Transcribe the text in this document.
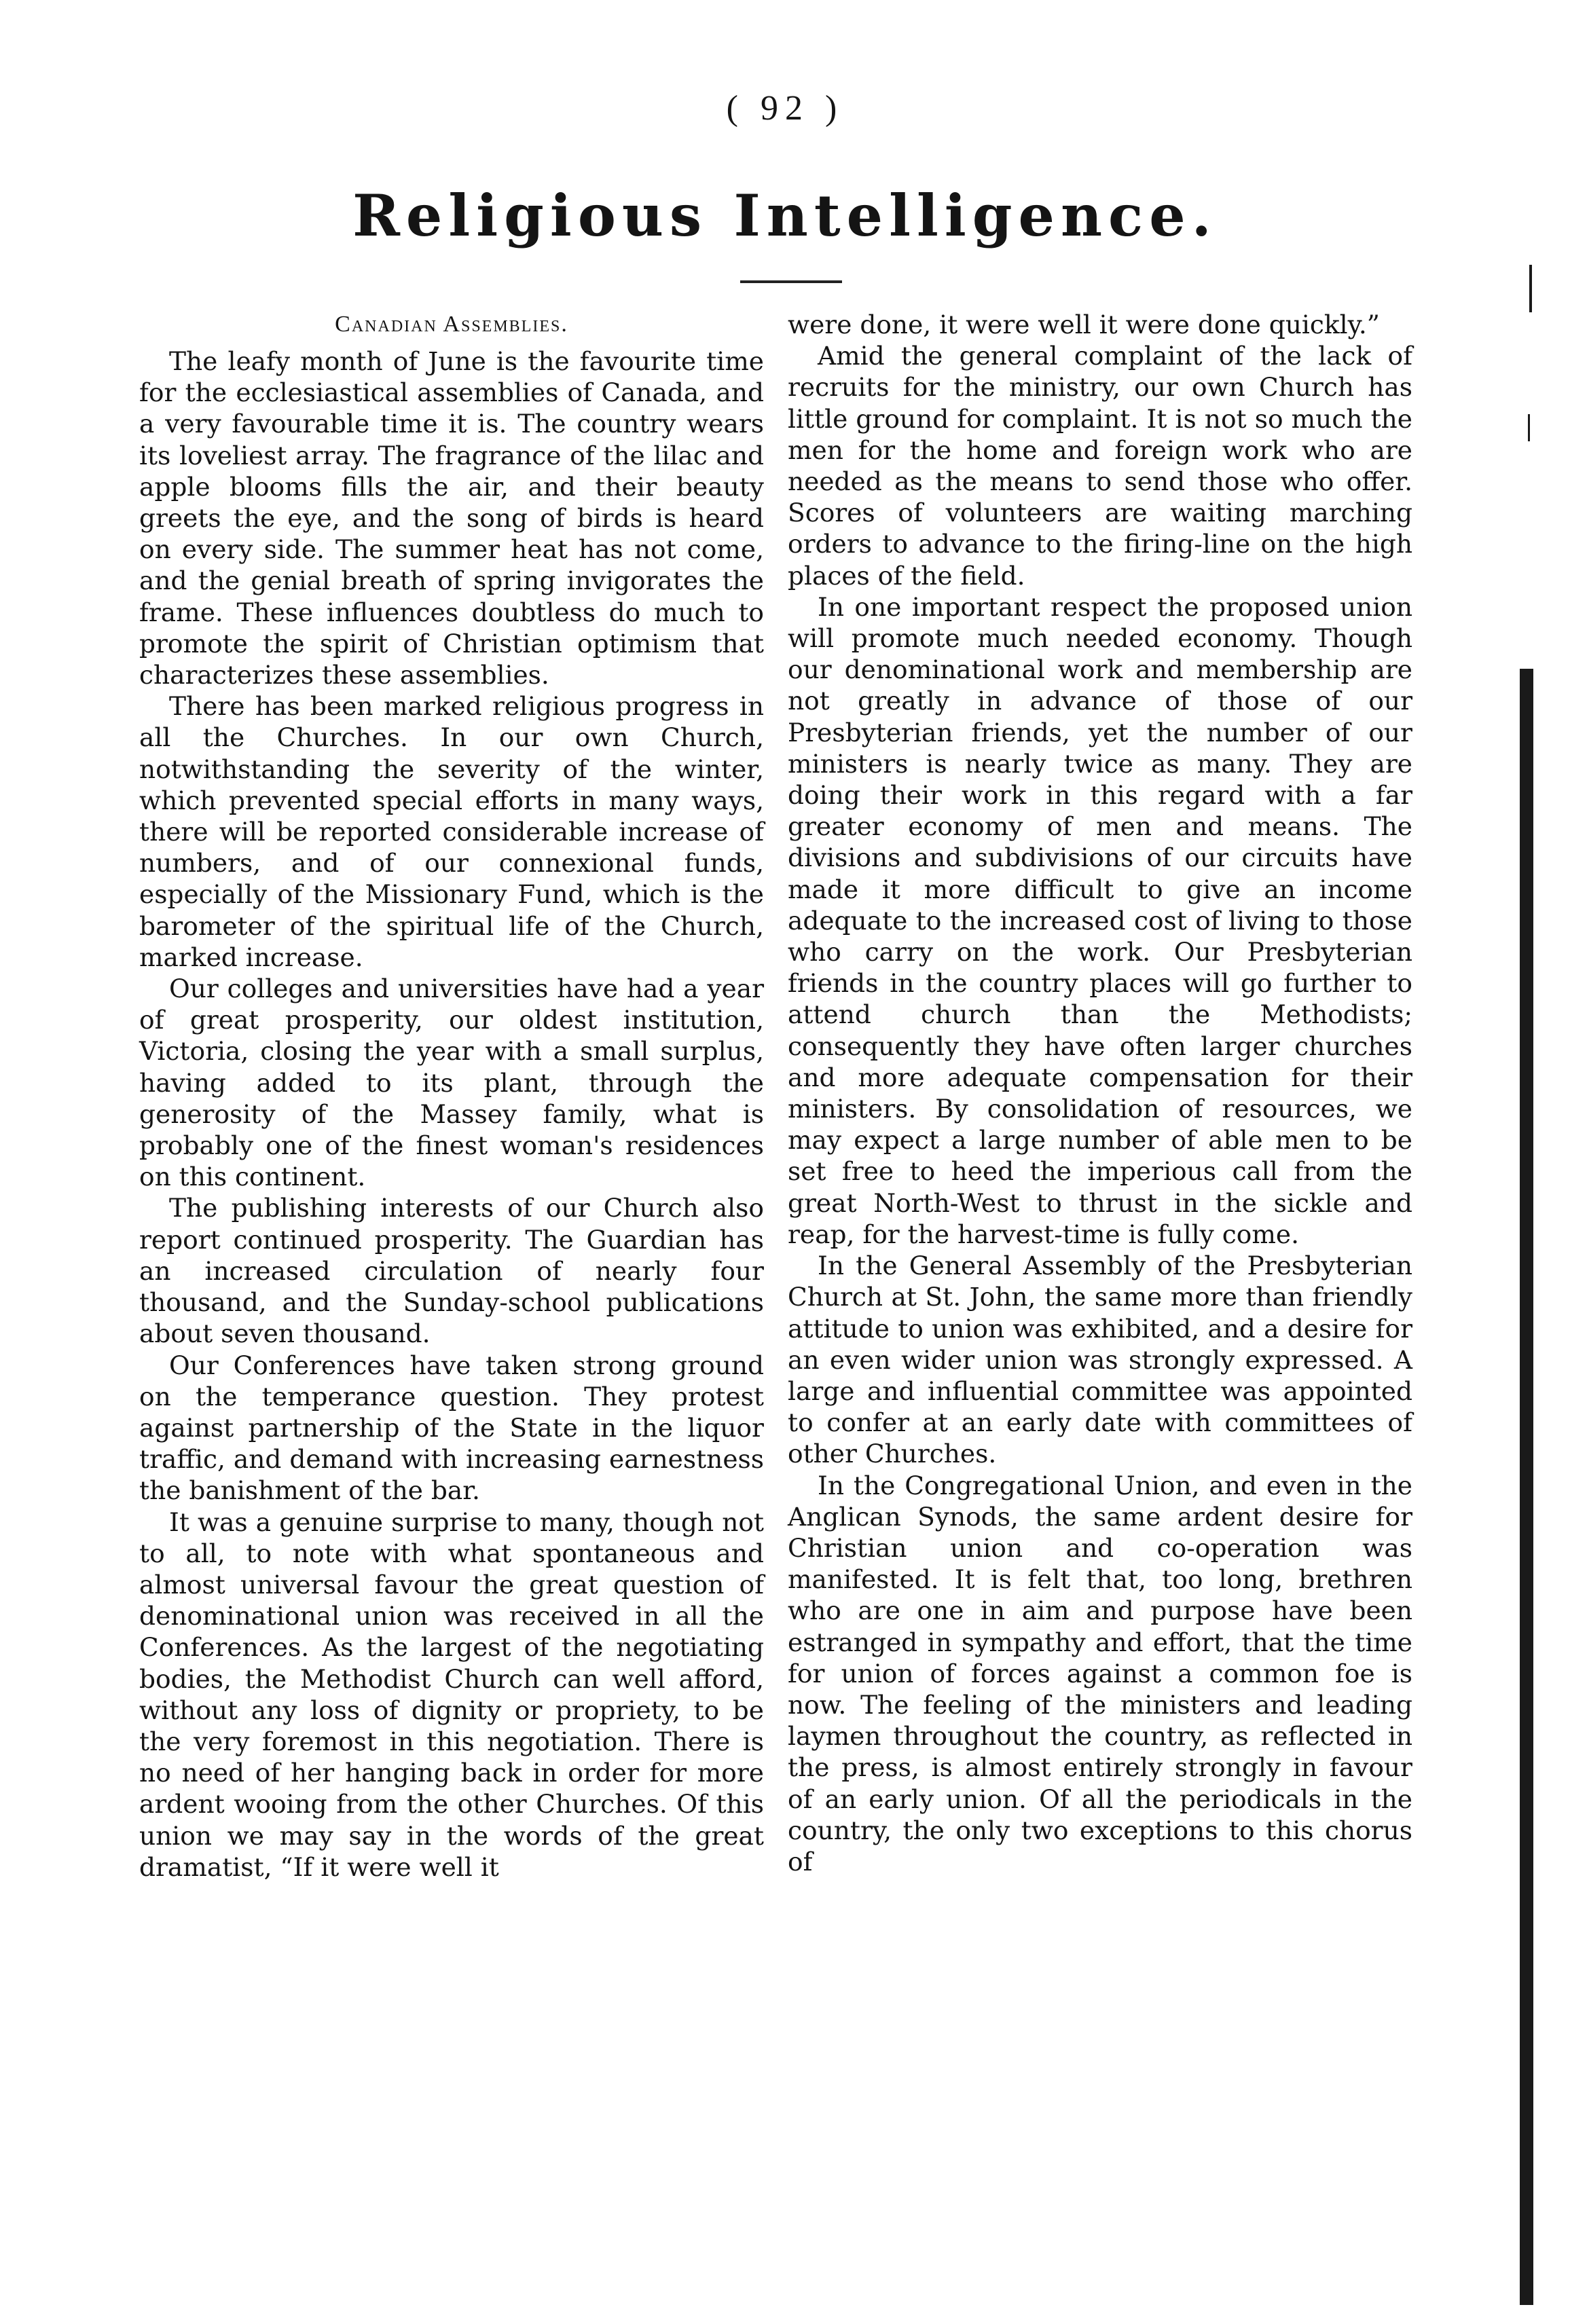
( 92 )
Religious Intelligence.
Canadian Assemblies.

The leafy month of June is the favourite time for the ecclesiastical assemblies of Canada, and a very favourable time it is. The country wears its loveliest array. The fragrance of the lilac and apple blooms fills the air, and their beauty greets the eye, and the song of birds is heard on every side. The summer heat has not come, and the genial breath of spring invigorates the frame. These influences doubtless do much to promote the spirit of Christian optimism that characterizes these assemblies.

There has been marked religious progress in all the Churches. In our own Church, notwithstanding the severity of the winter, which prevented special efforts in many ways, there will be reported considerable increase of numbers, and of our connexional funds, especially of the Missionary Fund, which is the barometer of the spiritual life of the Church, marked increase.

Our colleges and universities have had a year of great prosperity, our oldest institution, Victoria, closing the year with a small surplus, having added to its plant, through the generosity of the Massey family, what is probably one of the finest woman's residences on this continent.

The publishing interests of our Church also report continued prosperity. The Guardian has an increased circulation of nearly four thousand, and the Sunday-school publications about seven thousand.

Our Conferences have taken strong ground on the temperance question. They protest against partnership of the State in the liquor traffic, and demand with increasing earnestness the banishment of the bar.

It was a genuine surprise to many, though not to all, to note with what spontaneous and almost universal favour the great question of denominational union was received in all the Conferences. As the largest of the negotiating bodies, the Methodist Church can well afford, without any loss of dignity or propriety, to be the very foremost in this negotiation. There is no need of her hanging back in order for more ardent wooing from the other Churches. Of this union we may say in the words of the great dramatist, “If it were well it

were done, it were well it were done quickly.”

Amid the general complaint of the lack of recruits for the ministry, our own Church has little ground for complaint. It is not so much the men for the home and foreign work who are needed as the means to send those who offer. Scores of volunteers are waiting marching orders to advance to the firing-line on the high places of the field.

In one important respect the proposed union will promote much needed economy. Though our denominational work and membership are not greatly in advance of those of our Presbyterian friends, yet the number of our ministers is nearly twice as many. They are doing their work in this regard with a far greater economy of men and means. The divisions and subdivisions of our circuits have made it more difficult to give an income adequate to the increased cost of living to those who carry on the work. Our Presbyterian friends in the country places will go further to attend church than the Methodists; consequently they have often larger churches and more adequate compensation for their ministers. By consolidation of resources, we may expect a large number of able men to be set free to heed the imperious call from the great North-West to thrust in the sickle and reap, for the harvest-time is fully come.

In the General Assembly of the Presbyterian Church at St. John, the same more than friendly attitude to union was exhibited, and a desire for an even wider union was strongly expressed. A large and influential committee was appointed to confer at an early date with committees of other Churches.

In the Congregational Union, and even in the Anglican Synods, the same ardent desire for Christian union and co-operation was manifested. It is felt that, too long, brethren who are one in aim and purpose have been estranged in sympathy and effort, that the time for union of forces against a common foe is now. The feeling of the ministers and leading laymen throughout the country, as reflected in the press, is almost entirely strongly in favour of an early union. Of all the periodicals in the country, the only two exceptions to this chorus of
